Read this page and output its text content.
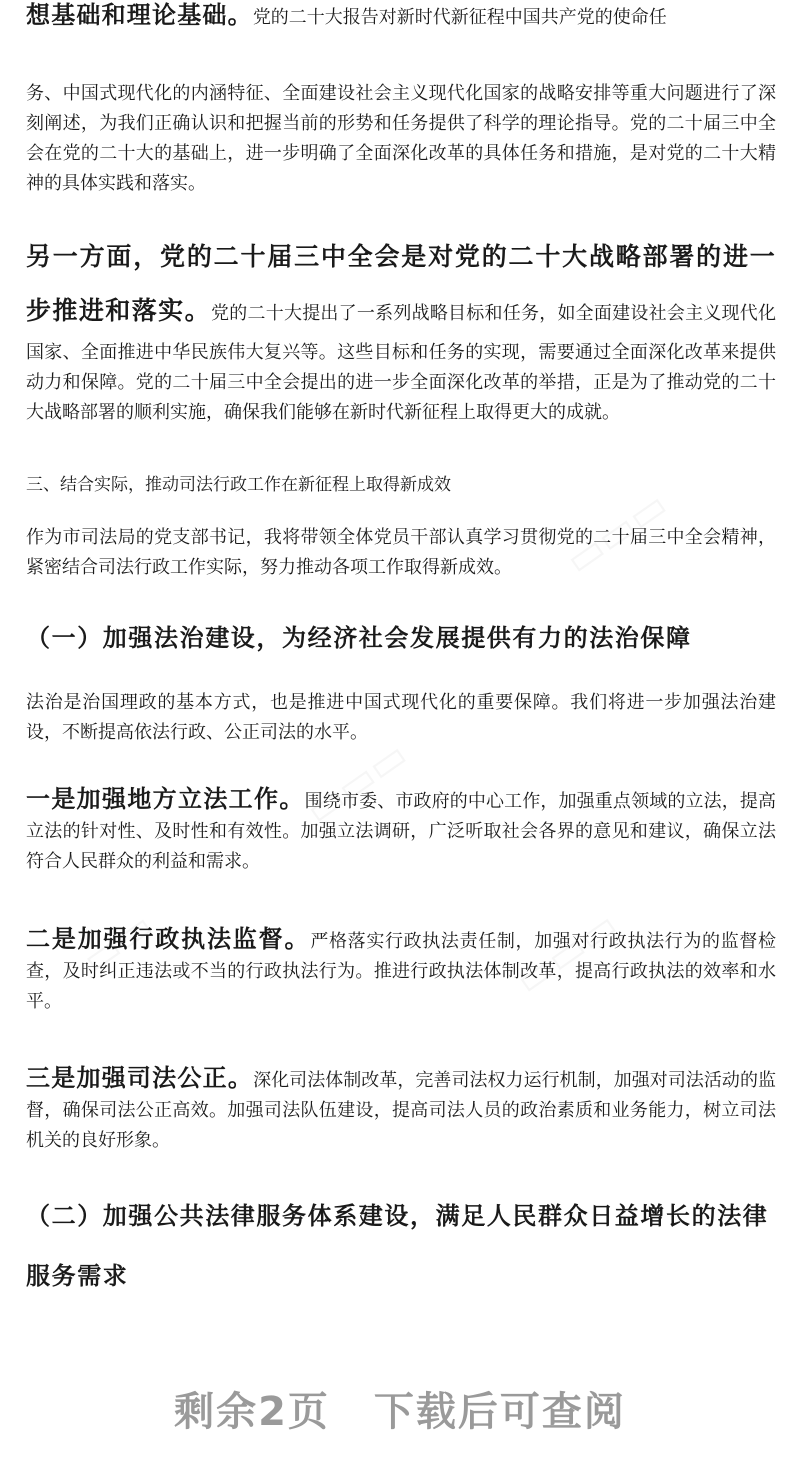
想基础和理论基础。党的二十大报告对新时代新征程中国共产党的使命任

务、中国式现代化的内涵特征、全面建设社会主义现代化国家的战略安排等重大问题进行了深刻阐述，为我们正确认识和把握当前的形势和任务提供了科学的理论指导。党的二十届三中全会在党的二十大的基础上，进一步明确了全面深化改革的具体任务和措施，是对党的二十大精神的具体实践和落实。

另一方面，党的二十届三中全会是对党的二十大战略部署的进一步推进和落实。党的二十大提出了一系列战略目标和任务，如全面建设社会主义现代化国家、全面推进中华民族伟大复兴等。这些目标和任务的实现，需要通过全面深化改革来提供动力和保障。党的二十届三中全会提出的进一步全面深化改革的举措，正是为了推动党的二十大战略部署的顺利实施，确保我们能够在新时代新征程上取得更大的成就。

三、结合实际，推动司法行政工作在新征程上取得新成效

作为市司法局的党支部书记，我将带领全体党员干部认真学习贯彻党的二十届三中全会精神，紧密结合司法行政工作实际，努力推动各项工作取得新成效。

（一）加强法治建设，为经济社会发展提供有力的法治保障

法治是治国理政的基本方式，也是推进中国式现代化的重要保障。我们将进一步加强法治建设，不断提高依法行政、公正司法的水平。

一是加强地方立法工作。围绕市委、市政府的中心工作，加强重点领域的立法，提高立法的针对性、及时性和有效性。加强立法调研，广泛听取社会各界的意见和建议，确保立法符合人民群众的利益和需求。

二是加强行政执法监督。严格落实行政执法责任制，加强对行政执法行为的监督检查，及时纠正违法或不当的行政执法行为。推进行政执法体制改革，提高行政执法的效率和水平。

三是加强司法公正。深化司法体制改革，完善司法权力运行机制，加强对司法活动的监督，确保司法公正高效。加强司法队伍建设，提高司法人员的政治素质和业务能力，树立司法机关的良好形象。

（二）加强公共法律服务体系建设，满足人民群众日益增长的法律服务需求
剩余2页 下载后可查阅
